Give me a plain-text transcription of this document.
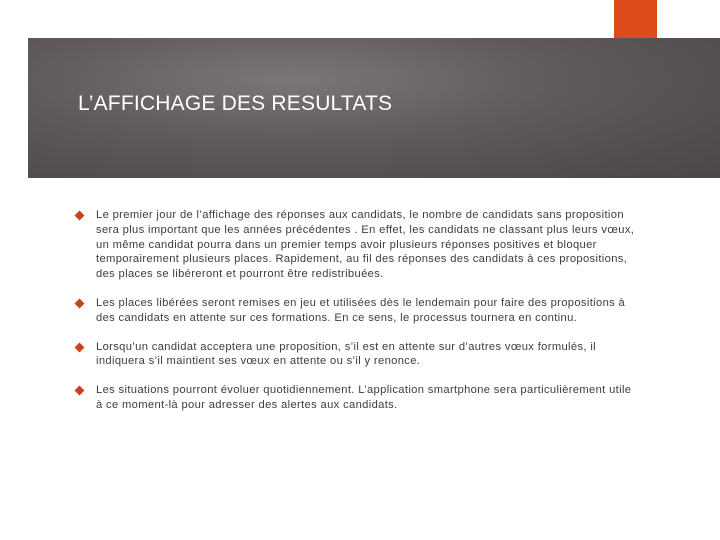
L’AFFICHAGE DES RESULTATS

Le premier jour de l’affichage des réponses aux candidats, le nombre de candidats sans proposition sera plus important que les années précédentes . En effet, les candidats ne classant plus leurs vœux, un même candidat pourra dans un premier temps avoir plusieurs réponses positives et bloquer temporairement plusieurs places. Rapidement, au fil des réponses des candidats à ces propositions, des places se libéreront et pourront être redistribuées.

Les places libérées seront remises en jeu et utilisées dès le lendemain pour faire des propositions à des candidats en attente sur ces formations. En ce sens, le processus tournera en continu.

Lorsqu’un candidat acceptera une proposition, s’il est en attente sur d’autres vœux formulés, il indiquera s’il maintient ses vœux en attente ou s’il y renonce.

Les situations pourront évoluer quotidiennement. L’application smartphone sera particulièrement utile à ce moment-là pour adresser des alertes aux candidats.
